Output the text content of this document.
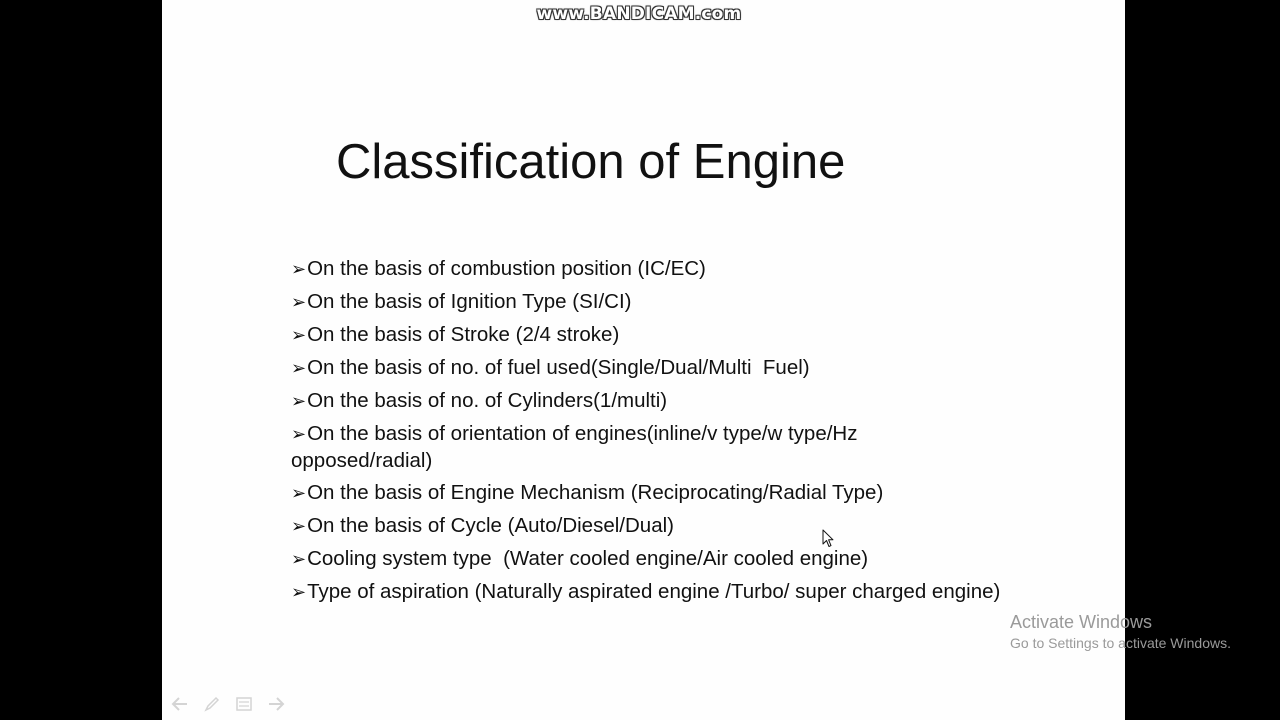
www.BANDICAM.com
Classification of Engine
➢On the basis of combustion position (IC/EC)
➢On the basis of Ignition Type (SI/CI)
➢On the basis of Stroke (2/4 stroke)
➢On the basis of no. of fuel used(Single/Dual/Multi  Fuel)
➢On the basis of no. of Cylinders(1/multi)
➢On the basis of orientation of engines(inline/v type/w type/Hz opposed/radial)
➢On the basis of Engine Mechanism (Reciprocating/Radial Type)
➢On the basis of Cycle (Auto/Diesel/Dual)
➢Cooling system type  (Water cooled engine/Air cooled engine)
➢Type of aspiration (Naturally aspirated engine /Turbo/ super charged engine)
Activate Windows
Go to Settings to activate Windows.
